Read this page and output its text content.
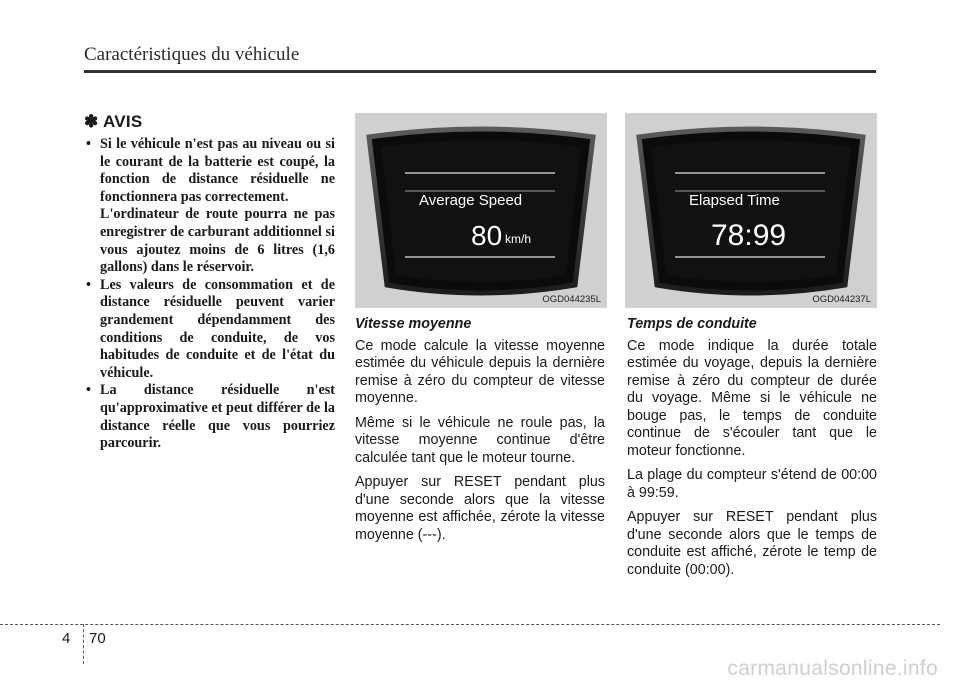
Caractéristiques du véhicule
✽ AVIS

• Si le véhicule n'est pas au niveau ou si le courant de la batterie est coupé, la fonction de distance résiduelle ne fonctionnera pas correctement.

L'ordinateur de route pourra ne pas enregistrer de carburant additionnel si vous ajoutez moins de 6 litres (1,6 gallons) dans le réservoir.

• Les valeurs de consommation et de distance résiduelle peuvent varier grandement dépendamment des conditions de conduite, de vos habitudes de conduite et de l'état du véhicule.

• La distance résiduelle n'est qu'approximative et peut différer de la distance réelle que vous pourriez parcourir.

Average Speed
80 km/h
OGD044235L
Elapsed Time
78:99
OGD044237L
Vitesse moyenne

Ce mode calcule la vitesse moyenne estimée du véhicule depuis la dernière remise à zéro du compteur de vitesse moyenne.

Même si le véhicule ne roule pas, la vitesse moyenne continue d'être calculée tant que le moteur tourne.

Appuyer sur RESET pendant plus d'une seconde alors que la vitesse moyenne est affichée, zérote la vitesse moyenne (---).

Temps de conduite

Ce mode indique la durée totale estimée du voyage, depuis la dernière remise à zéro du compteur de durée du voyage. Même si le véhicule ne bouge pas, le temps de conduite continue de s'écouler tant que le moteur fonctionne.

La plage du compteur s'étend de 00:00 à 99:59.

Appuyer sur RESET pendant plus d'une seconde alors que le temps de conduite est affiché, zérote le temp de conduite (00:00).

4 70
carmanualsonline.info
